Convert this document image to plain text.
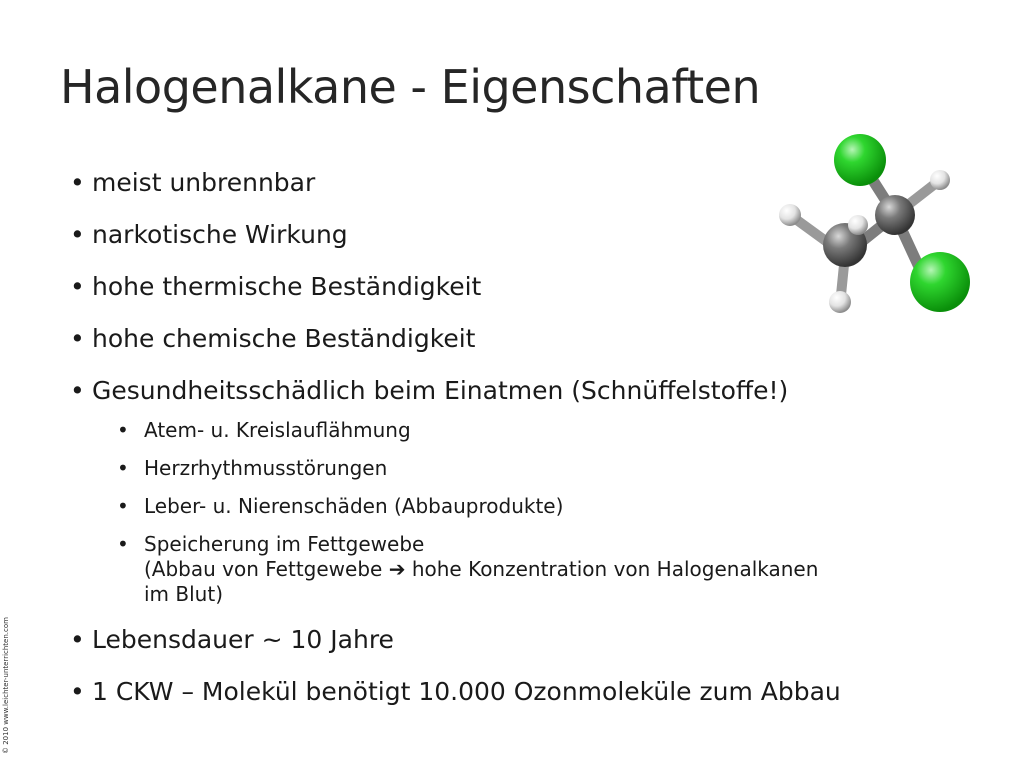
Halogenalkane - Eigenschaften
• meist unbrennbar
• narkotische Wirkung
• hohe thermische Beständigkeit
• hohe chemische Beständigkeit
• Gesundheitsschädlich beim Einatmen (Schnüffelstoffe!)
• Atem- u. Kreislauflähmung
• Herzrhythmusstörungen
• Leber- u. Nierenschäden (Abbauprodukte)
• Speicherung im Fettgewebe
(Abbau von Fettgewebe ➔ hohe Konzentration von Halogenalkanen
im Blut)
• Lebensdauer ~ 10 Jahre
• 1 CKW – Molekül benötigt 10.000 Ozonmoleküle zum Abbau
© 2010 www.leichter-unterrichten.com
